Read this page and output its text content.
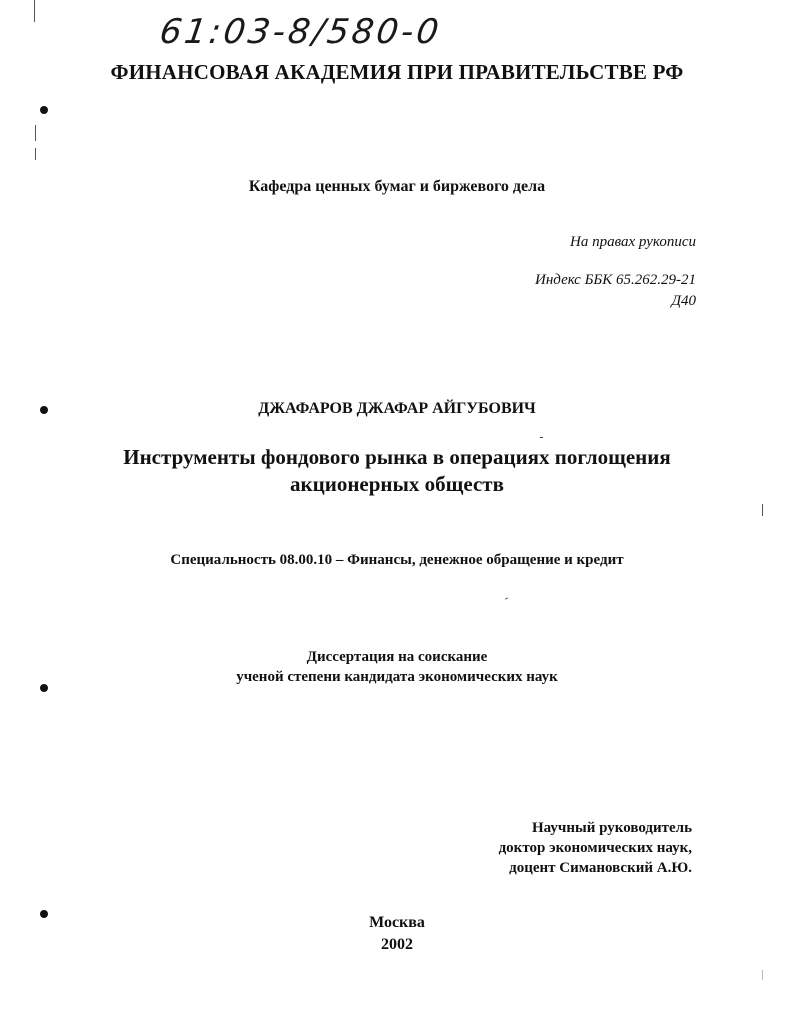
61:03-8/580-0
ФИНАНСОВАЯ АКАДЕМИЯ ПРИ ПРАВИТЕЛЬСТВЕ РФ
Кафедра ценных бумаг и биржевого дела
На правах рукописи
Индекс ББК 65.262.29-21
Д40
ДЖАФАРОВ ДЖАФАР АЙГУБОВИЧ
Инструменты фондового рынка в операциях поглощения
акционерных обществ
Специальность 08.00.10 – Финансы, денежное обращение и кредит
Диссертация на соискание
ученой степени кандидата экономических наук
Научный руководитель
доктор экономических наук,
доцент Симановский А.Ю.
Москва
2002
